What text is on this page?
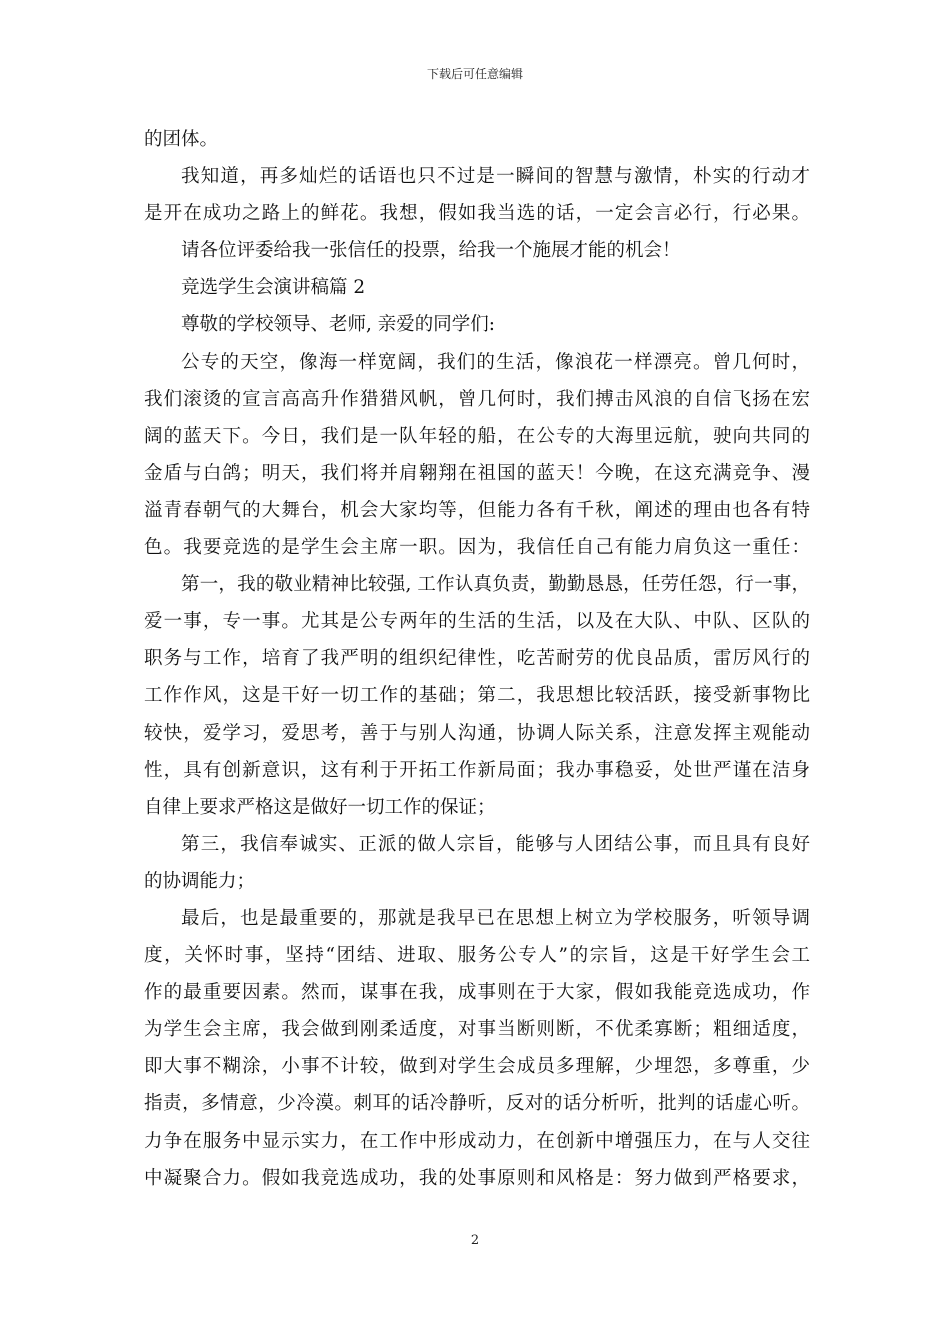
下载后可任意编辑
的团体。
我知道，再多灿烂的话语也只不过是一瞬间的智慧与激情，朴实的行动才
是开在成功之路上的鲜花。我想，假如我当选的话，一定会言必行，行必果。
请各位评委给我一张信任的投票，给我一个施展才能的机会！
竞选学生会演讲稿篇 2
尊敬的学校领导、老师, 亲爱的同学们:
公专的天空，像海一样宽阔，我们的生活，像浪花一样漂亮。曾几何时，
我们滚烫的宣言高高升作猎猎风帆，曾几何时，我们搏击风浪的自信飞扬在宏
阔的蓝天下。今日，我们是一队年轻的船，在公专的大海里远航，驶向共同的
金盾与白鸽；明天，我们将并肩翱翔在祖国的蓝天！今晚，在这充满竞争、漫
溢青春朝气的大舞台，机会大家均等，但能力各有千秋，阐述的理由也各有特
色。我要竞选的是学生会主席一职。因为，我信任自己有能力肩负这一重任：
第一，我的敬业精神比较强, 工作认真负责，勤勤恳恳，任劳任怨，行一事，
爱一事，专一事。尤其是公专两年的生活的生活，以及在大队、中队、区队的
职务与工作，培育了我严明的组织纪律性，吃苦耐劳的优良品质，雷厉风行的
工作作风，这是干好一切工作的基础；第二，我思想比较活跃，接受新事物比
较快，爱学习，爱思考，善于与别人沟通，协调人际关系，注意发挥主观能动
性，具有创新意识，这有利于开拓工作新局面；我办事稳妥，处世严谨在洁身
自律上要求严格这是做好一切工作的保证；
第三，我信奉诚实、正派的做人宗旨，能够与人团结公事，而且具有良好
的协调能力；
最后，也是最重要的，那就是我早已在思想上树立为学校服务，听领导调
度，关怀时事，坚持“团结、进取、服务公专人”的宗旨，这是干好学生会工
作的最重要因素。然而，谋事在我，成事则在于大家，假如我能竞选成功，作
为学生会主席，我会做到刚柔适度，对事当断则断，不优柔寡断；粗细适度，
即大事不糊涂，小事不计较，做到对学生会成员多理解，少埋怨，多尊重，少
指责，多情意，少冷漠。刺耳的话冷静听，反对的话分析听，批判的话虚心听。
力争在服务中显示实力，在工作中形成动力，在创新中增强压力，在与人交往
中凝聚合力。假如我竞选成功，我的处事原则和风格是：努力做到严格要求，
2
